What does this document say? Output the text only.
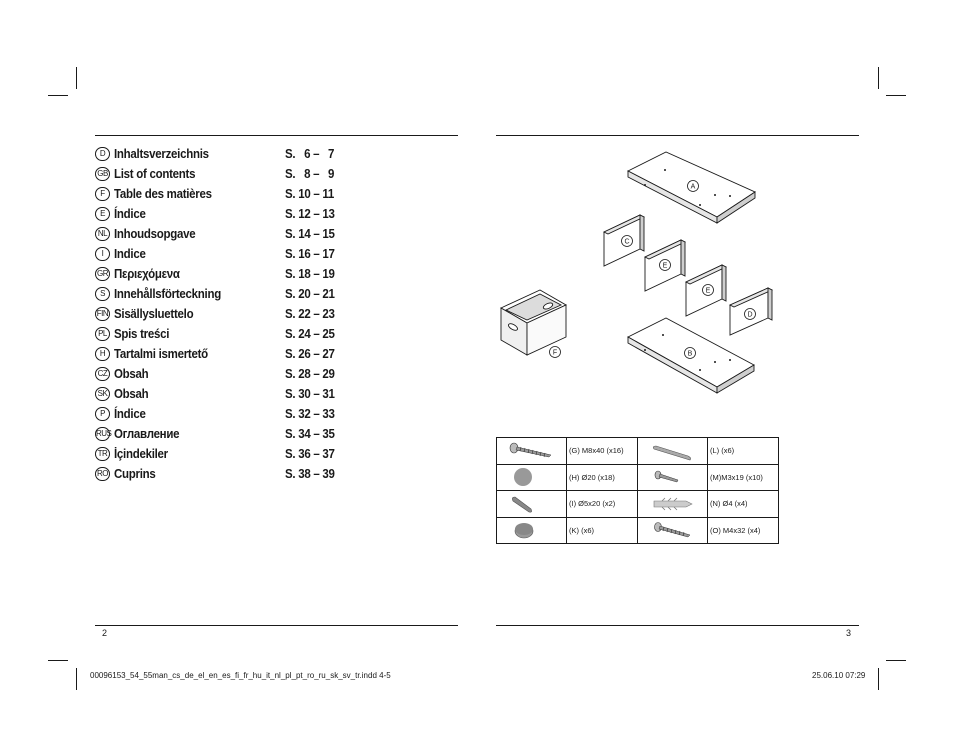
D Inhaltsverzeichnis	S.   6 –   7
GB List of contents	S.   8 –   9
F Table des matières	S. 10 – 11
E Índice	S. 12 – 13
NL Inhoudsopgave	S. 14 – 15
I Indice	S. 16 – 17
GR Περιεχόμενα	S. 18 – 19
S Innehållsförteckning	S. 20 – 21
FIN Sisällysluettelo	S. 22 – 23
PL Spis treści	S. 24 – 25
H Tartalmi ismertető	S. 26 – 27
CZ Obsah	S. 28 – 29
SK Obsah	S. 30 – 31
P Índice	S. 32 – 33
RUS Оглавление	S. 34 – 35
TR İçindekiler	S. 36 – 37
RO Cuprins	S. 38 – 39
A
C
E
E
D
B
F
	(G) M8x40 (x16)		(L) (x6)

	(H) Ø20 (x18)		(M)M3x19 (x10)

	(I) Ø5x20 (x2)		(N) Ø4 (x4)

	(K) (x6)		(O) M4x32 (x4)
2	3
00096153_54_55man_cs_de_el_en_es_fi_fr_hu_it_nl_pl_pt_ro_ru_sk_sv_tr.indd 4-5	25.06.10 07:29
